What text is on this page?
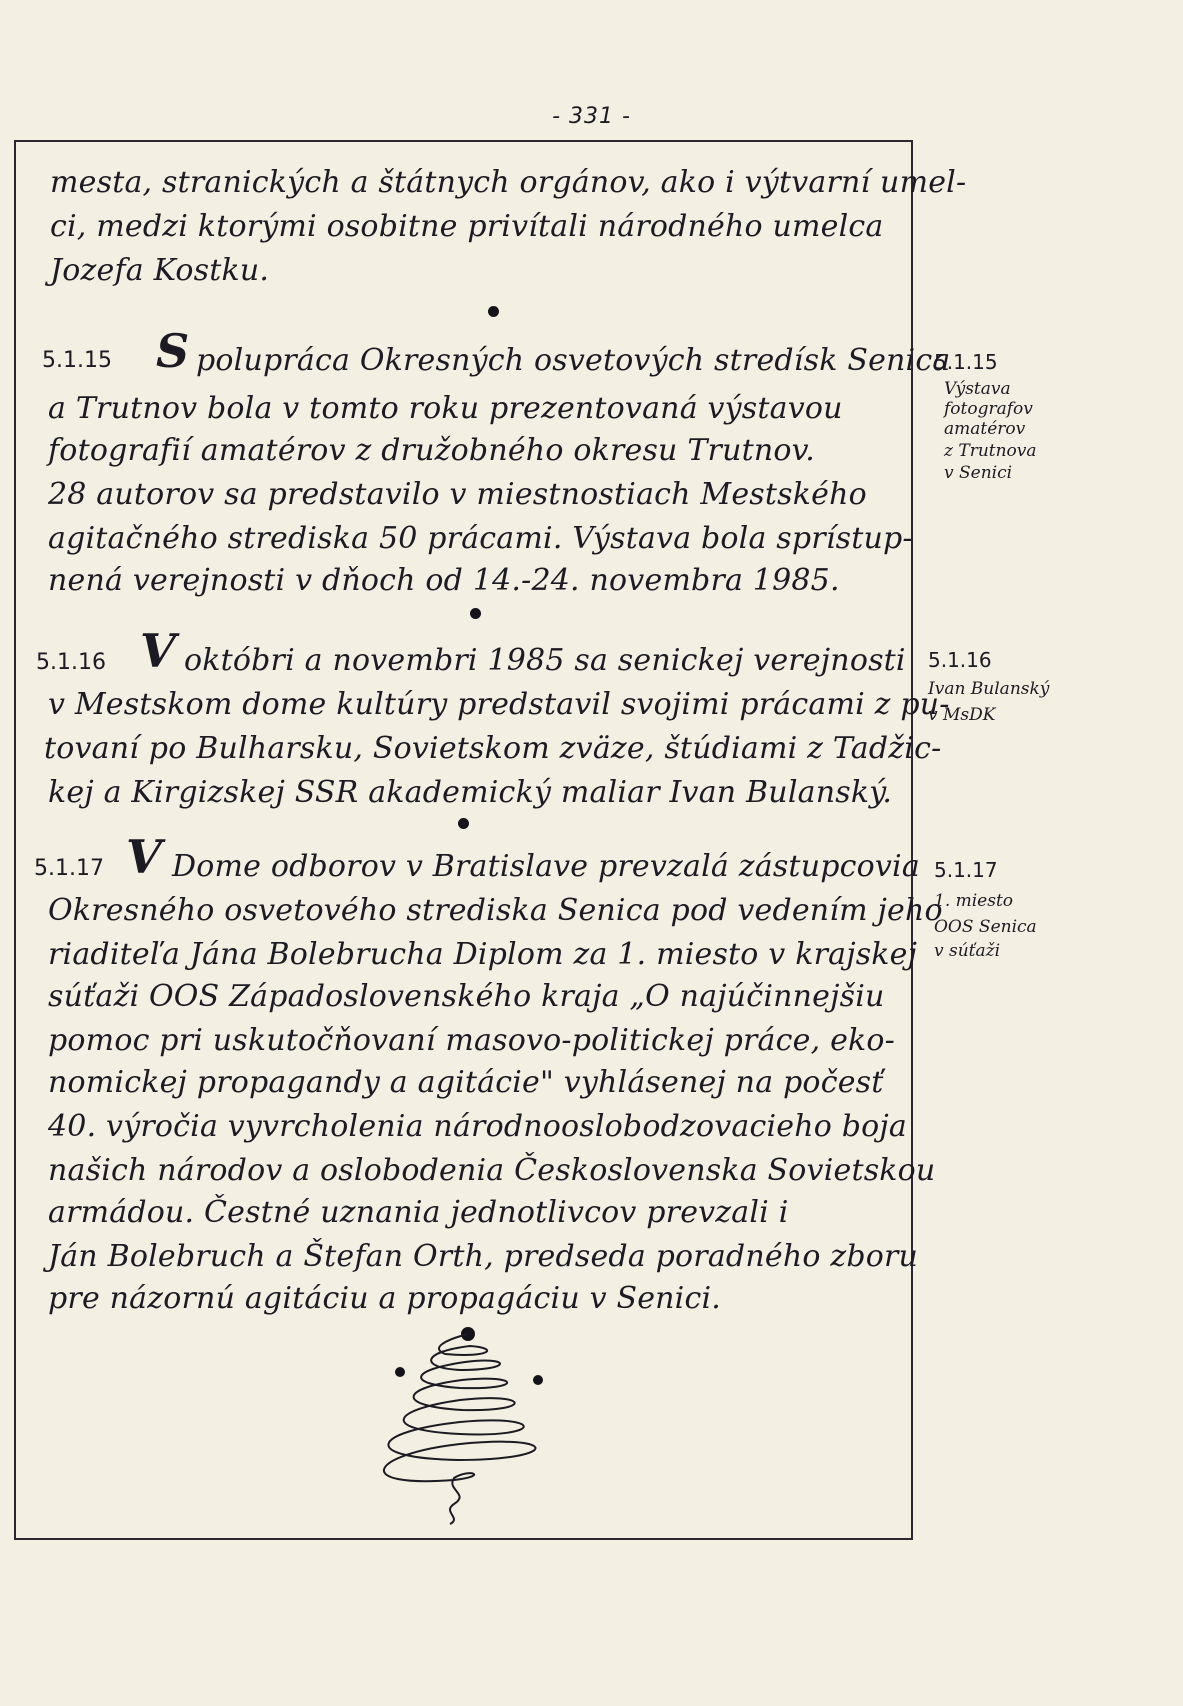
- 331 -
mesta, stranických a štátnych orgánov, ako i výtvarní umel-
ci, medzi ktorými osobitne privítali národného umelca
Jozefa Kostku.
5.1.15 S polupráca Okresných osvetových stredísk Senica
a Trutnov bola v tomto roku prezentovaná výstavou
fotografií amatérov z družobného okresu Trutnov.
28 autorov sa predstavilo v miestnostiach Mestského
agitačného strediska 50 prácami. Výstava bola sprístup-
nená verejnosti v dňoch od 14.-24. novembra 1985.
5.1.15
Výstava
fotografov
amatérov
z Trutnova
v Senici
5.1.16 V októbri a novembri 1985 sa senickej verejnosti
v Mestskom dome kultúry predstavil svojimi prácami z pu-
tovaní po Bulharsku, Sovietskom zväze, štúdiami z Tadžic-
kej a Kirgizskej SSR akademický maliar Ivan Bulanský.
5.1.16
Ivan Bulanský
v MsDK
5.1.17 V Dome odborov v Bratislave prevzalá zástupcovia
Okresného osvetového strediska Senica pod vedením jeho
riaditeľa Jána Bolebrucha Diplom za 1. miesto v krajskej
súťaži OOS Západoslovenského kraja „O najúčinnejšiu
pomoc pri uskutočňovaní masovo-politickej práce, eko-
nomickej propagandy a agitácie" vyhlásenej na počesť
40. výročia vyvrcholenia národnooslobodzovacieho boja
našich národov a oslobodenia Československa Sovietskou
armádou. Čestné uznania jednotlivcov prevzali i
Ján Bolebruch a Štefan Orth, predseda poradného zboru
pre názornú agitáciu a propagáciu v Senici.
5.1.17
1. miesto
OOS Senica
v súťaži
